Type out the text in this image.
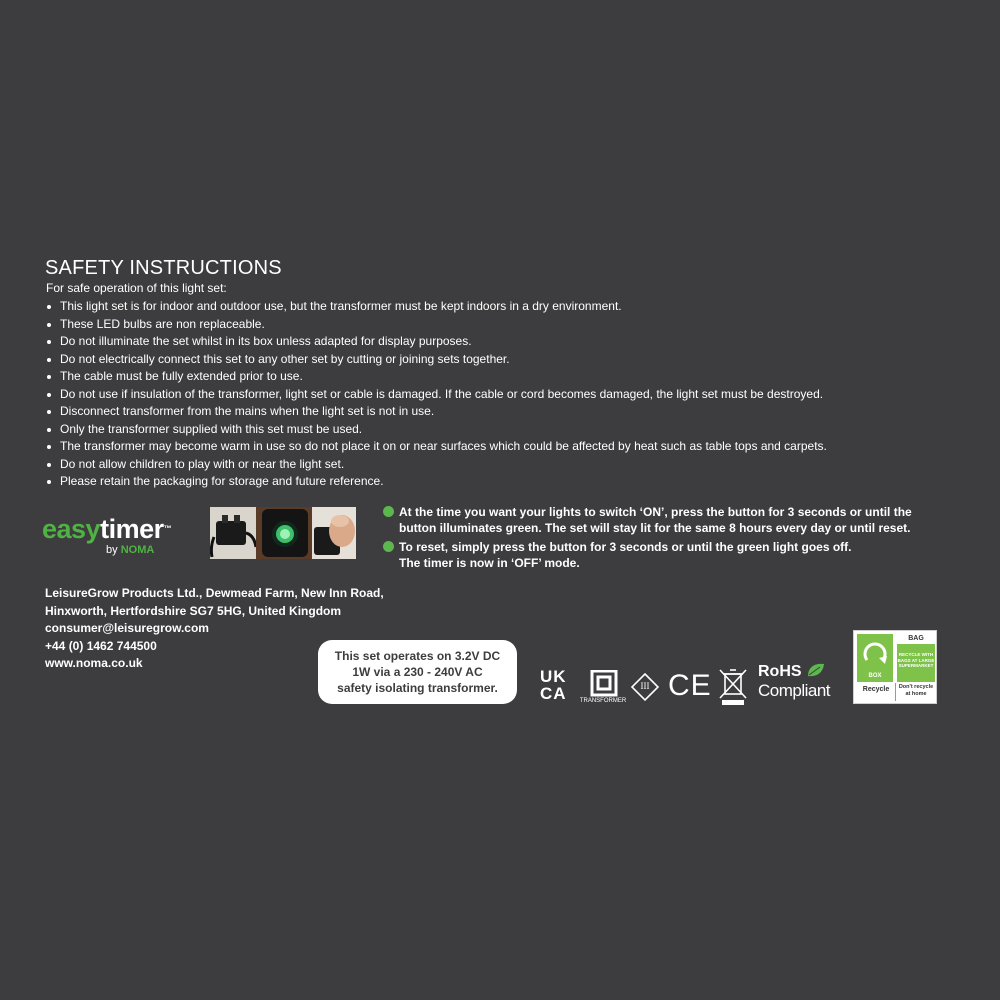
SAFETY INSTRUCTIONS
For safe operation of this light set:
This light set is for indoor and outdoor use, but the transformer must be kept indoors in a dry environment.
These LED bulbs are non replaceable.
Do not illuminate the set whilst in its box unless adapted for display purposes.
Do not electrically connect this set to any other set by cutting or joining sets together.
The cable must be fully extended prior to use.
Do not use if insulation of the transformer, light set or cable is damaged. If the cable or cord becomes damaged, the light set must be destroyed.
Disconnect transformer from the mains when the light set is not in use.
Only the transformer supplied with this set must be used.
The transformer may become warm in use so do not place it on or near surfaces which could be affected by heat such as table tops and carpets.
Do not allow children to play with or near the light set.
Please retain the packaging for storage and future reference.
easytimer™
by NOMA
At the time you want your lights to switch ‘ON’, press the button for 3 seconds or until the
button illuminates green. The set will stay lit for the same 8 hours every day or until reset.
To reset, simply press the button for 3 seconds or until the green light goes off.
The timer is now in ‘OFF’ mode.
LeisureGrow Products Ltd., Dewmead Farm, New Inn Road,
Hinxworth, Hertfordshire SG7 5HG, United Kingdom
consumer@leisuregrow.com
+44 (0) 1462 744500
www.noma.co.uk	This set operates on 3.2V DC
1W via a 230 - 240V AC
safety isolating transformer.
UK
CA	TRANSFORMER
III CE	RoHS
Compliant
BOX
BAG
RECYCLE WITH BAGS AT LARGE SUPERMARKET
Recycle	Don't recycle at home
